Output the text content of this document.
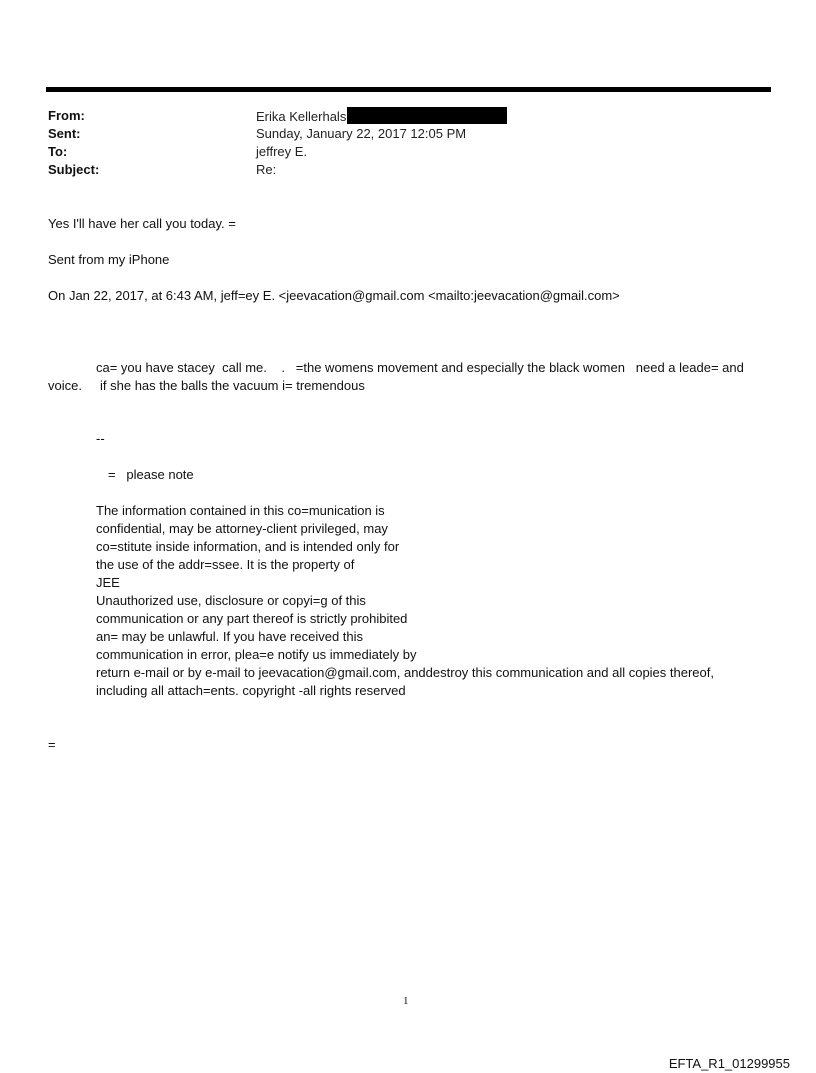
From:	Erika Kellerhals
Sent:	Sunday, January 22, 2017 12:05 PM
To:	jeffrey E.
Subject:	Re:
Yes I'll have her call you today. =
Sent from my iPhone
On Jan 22, 2017, at 6:43 AM, jeff=ey E. <jeevacation@gmail.com <mailto:jeevacation@gmail.com>
ca= you have stacey  call me.    .   =the womens movement and especially the black women   need a leade= and
voice.     if she has the balls the vacuum i= tremendous
--
=   please note
The information contained in this co=munication is
confidential, may be attorney-client privileged, may
co=stitute inside information, and is intended only for
the use of the addr=ssee. It is the property of
JEE
Unauthorized use, disclosure or copyi=g of this
communication or any part thereof is strictly prohibited
an= may be unlawful. If you have received this
communication in error, plea=e notify us immediately by
return e-mail or by e-mail to jeevacation@gmail.com, anddestroy this communication and all copies thereof,
including all attach=ents. copyright -all rights reserved
=
1
EFTA_R1_01299955
